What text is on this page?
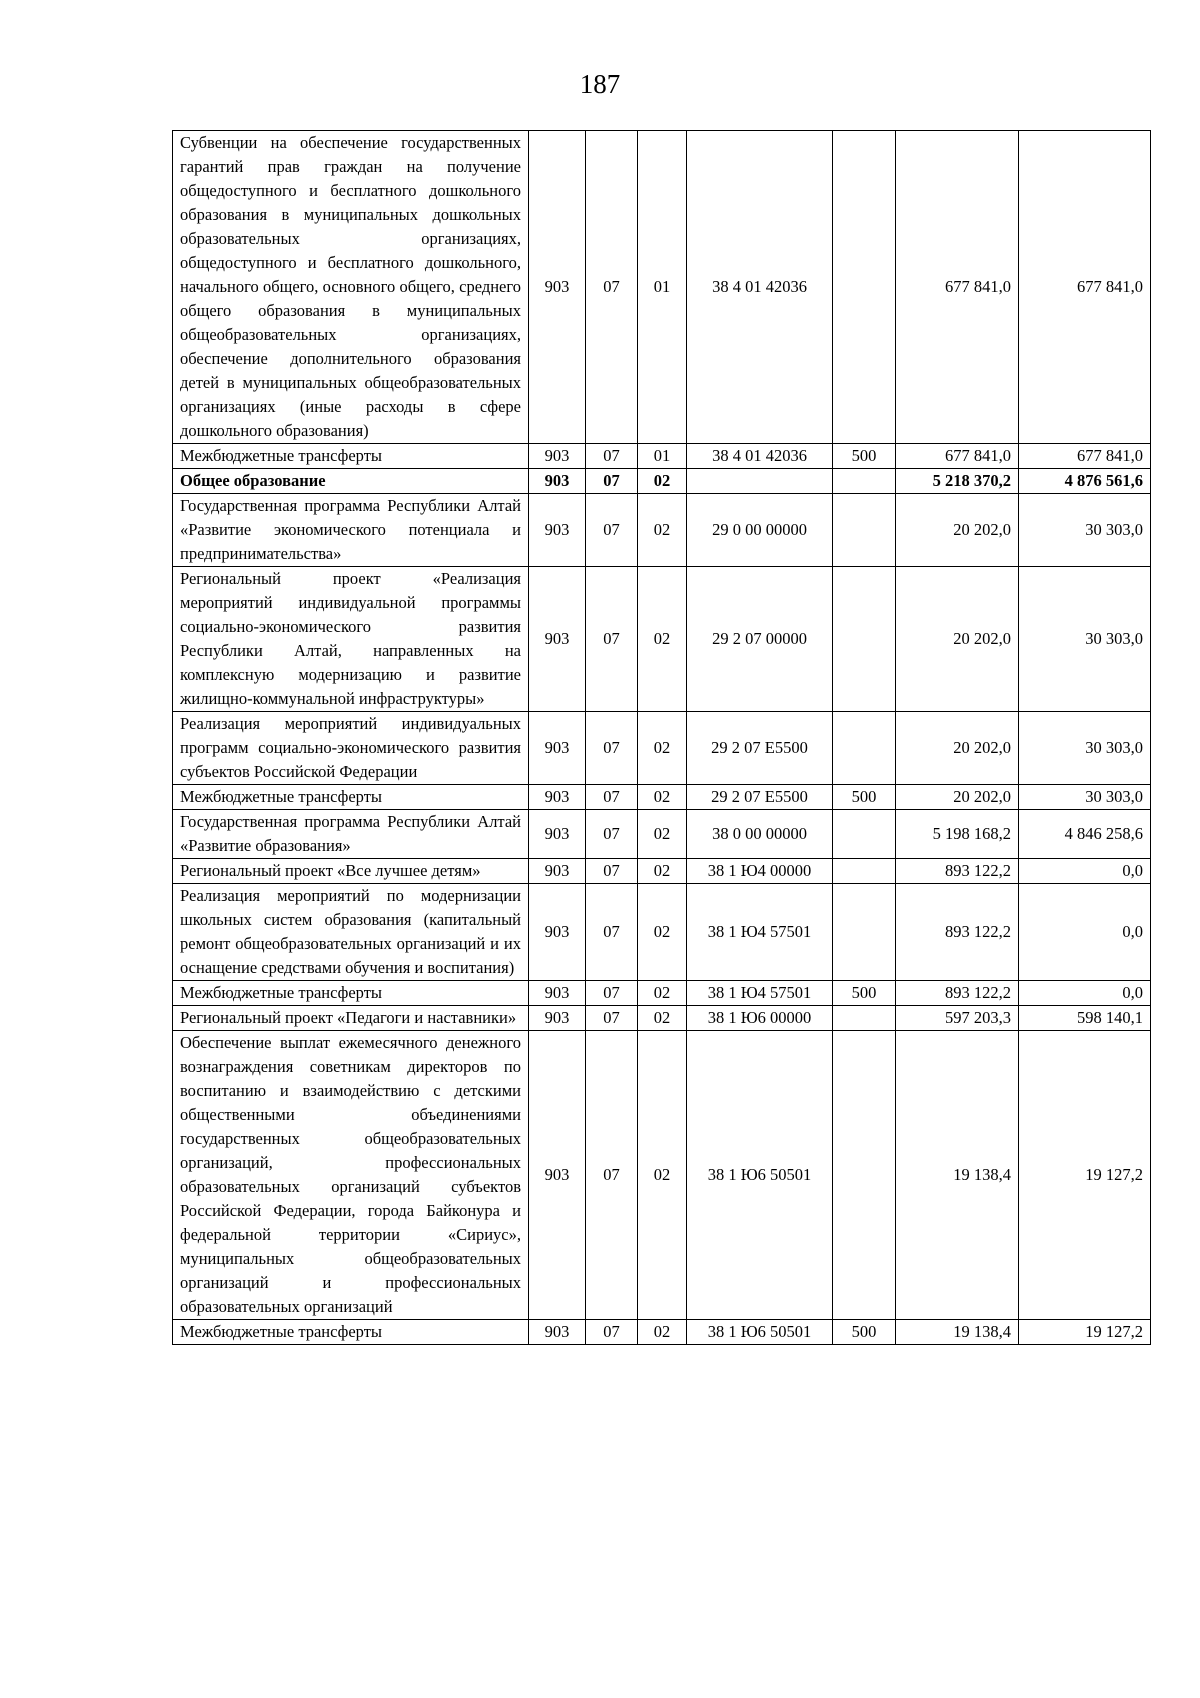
187
Субвенции на обеспечение государственных гарантий прав граждан на получение общедоступного и бесплатного дошкольного образования в муниципальных дошкольных образовательных организациях, общедоступного и бесплатного дошкольного, начального общего, основного общего, среднего общего образования в муниципальных общеобразовательных организациях, обеспечение дополнительного образования детей в муниципальных общеобразовательных организациях (иные расходы в сфере дошкольного образования)	903	07	01	38 4 01 42036		677 841,0	677 841,0
Межбюджетные трансферты	903	07	01	38 4 01 42036	500	677 841,0	677 841,0
Общее образование	903	07	02			5 218 370,2	4 876 561,6
Государственная программа Республики Алтай «Развитие экономического потенциала и предпринимательства»	903	07	02	29 0 00 00000		20 202,0	30 303,0
Региональный проект «Реализация мероприятий индивидуальной программы социально-экономического развития Республики Алтай, направленных на комплексную модернизацию и развитие жилищно-коммунальной инфраструктуры»	903	07	02	29 2 07 00000		20 202,0	30 303,0
Реализация мероприятий индивидуальных программ социально-экономического развития субъектов Российской Федерации	903	07	02	29 2 07 Е5500		20 202,0	30 303,0
Межбюджетные трансферты	903	07	02	29 2 07 Е5500	500	20 202,0	30 303,0
Государственная программа Республики Алтай «Развитие образования»	903	07	02	38 0 00 00000		5 198 168,2	4 846 258,6
Региональный проект «Все лучшее детям»	903	07	02	38 1 Ю4 00000		893 122,2	0,0
Реализация мероприятий по модернизации школьных систем образования (капитальный ремонт общеобразовательных организаций и их оснащение средствами обучения и воспитания)	903	07	02	38 1 Ю4 57501		893 122,2	0,0
Межбюджетные трансферты	903	07	02	38 1 Ю4 57501	500	893 122,2	0,0
Региональный проект «Педагоги и наставники»	903	07	02	38 1 Ю6 00000		597 203,3	598 140,1
Обеспечение выплат ежемесячного денежного вознаграждения советникам директоров по воспитанию и взаимодействию с детскими общественными объединениями государственных общеобразовательных организаций, профессиональных образовательных организаций субъектов Российской Федерации, города Байконура и федеральной территории «Сириус», муниципальных общеобразовательных организаций и профессиональных образовательных организаций	903	07	02	38 1 Ю6 50501		19 138,4	19 127,2
Межбюджетные трансферты	903	07	02	38 1 Ю6 50501	500	19 138,4	19 127,2
